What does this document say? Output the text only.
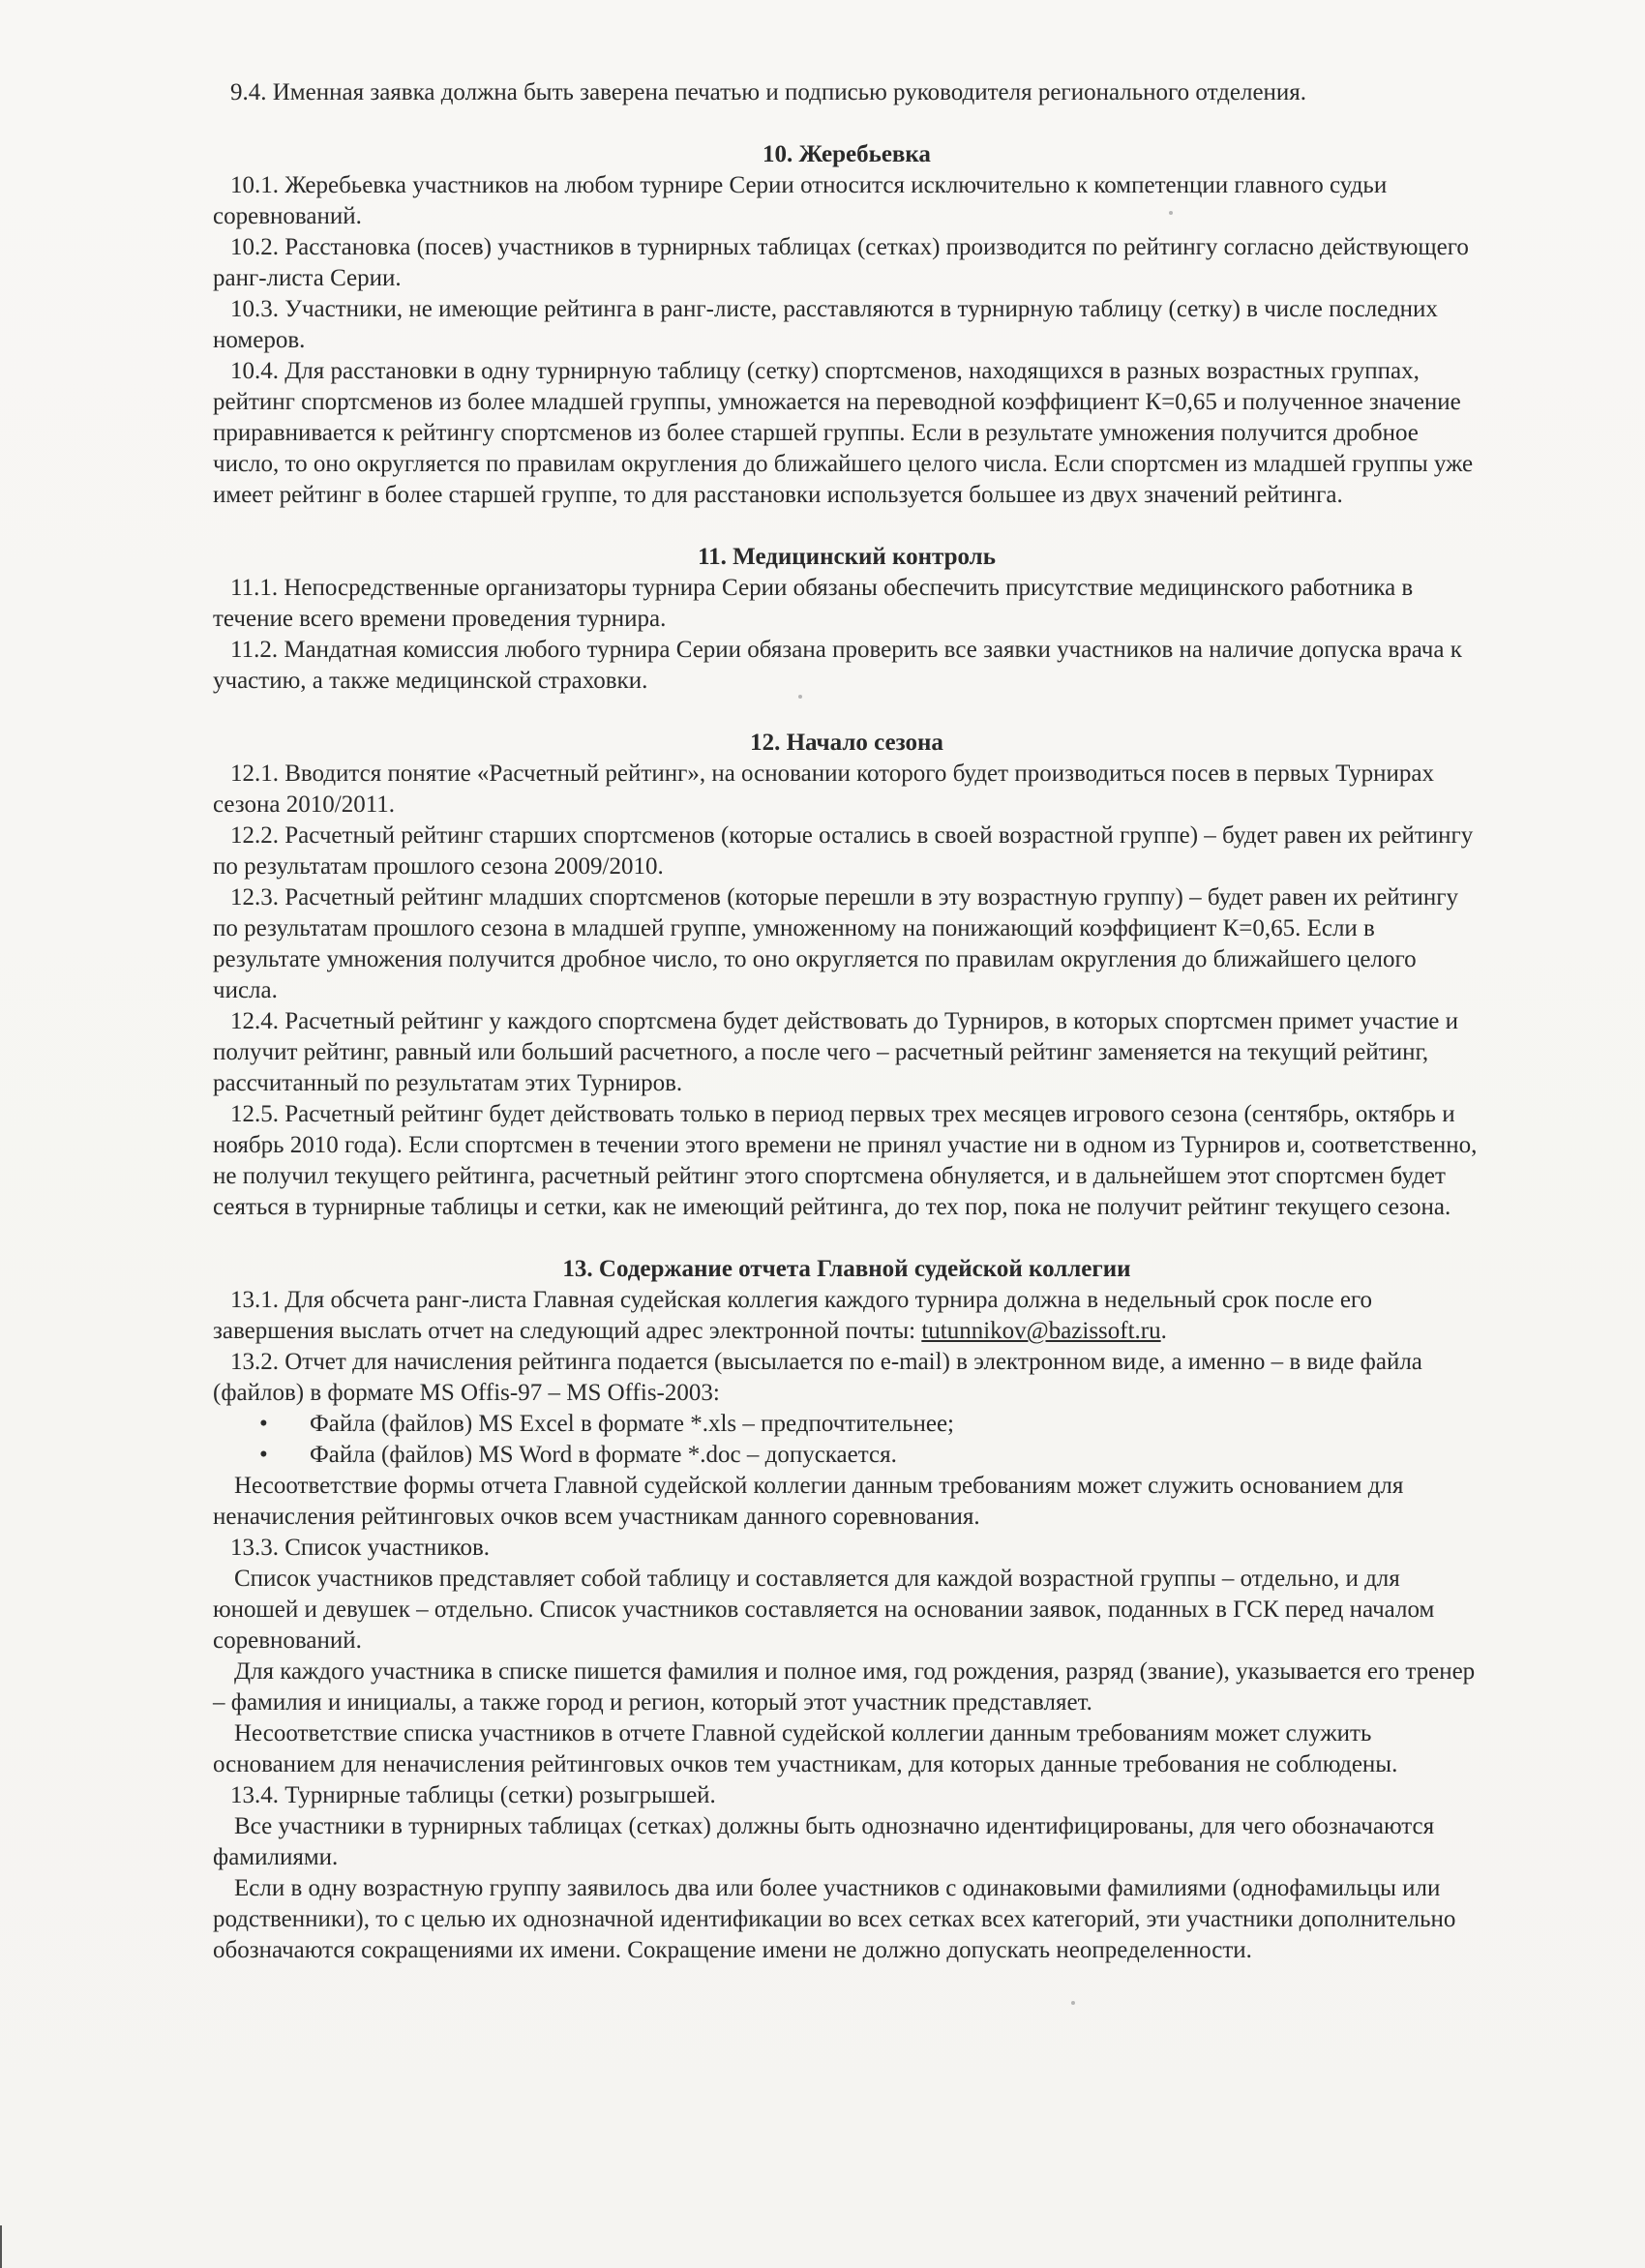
9.4. Именная заявка должна быть заверена печатью и подписью руководителя регионального отделения.

10. Жеребьевка

10.1. Жеребьевка участников на любом турнире Серии относится исключительно к компетенции главного судьи соревнований.

10.2. Расстановка (посев) участников в турнирных таблицах (сетках) производится по рейтингу согласно действующего ранг-листа Серии.

10.3. Участники, не имеющие рейтинга в ранг-листе, расставляются в турнирную таблицу (сетку) в числе последних номеров.

10.4. Для расстановки в одну турнирную таблицу (сетку) спортсменов, находящихся в разных возрастных группах, рейтинг спортсменов из более младшей группы, умножается на переводной коэффициент К=0,65 и полученное значение приравнивается к рейтингу спортсменов из более старшей группы. Если в результате умножения получится дробное число, то оно округляется по правилам округления до ближайшего целого числа. Если спортсмен из младшей группы уже имеет рейтинг в более старшей группе, то для расстановки используется большее из двух значений рейтинга.

11. Медицинский контроль

11.1. Непосредственные организаторы турнира Серии обязаны обеспечить присутствие медицинского работника в течение всего времени проведения турнира.

11.2. Мандатная комиссия любого турнира Серии обязана проверить все заявки участников на наличие допуска врача к участию, а также медицинской страховки.

12. Начало сезона

12.1. Вводится понятие «Расчетный рейтинг», на основании которого будет производиться посев в первых Турнирах сезона 2010/2011.

12.2. Расчетный рейтинг старших спортсменов (которые остались в своей возрастной группе) – будет равен их рейтингу по результатам прошлого сезона 2009/2010.

12.3. Расчетный рейтинг младших спортсменов (которые перешли в эту возрастную группу) – будет равен их рейтингу по результатам прошлого сезона в младшей группе, умноженному на понижающий коэффициент К=0,65. Если в результате умножения получится дробное число, то оно округляется по правилам округления до ближайшего целого числа.

12.4. Расчетный рейтинг у каждого спортсмена будет действовать до Турниров, в которых спортсмен примет участие и получит рейтинг, равный или больший расчетного, а после чего – расчетный рейтинг заменяется на текущий рейтинг, рассчитанный по результатам этих Турниров.

12.5. Расчетный рейтинг будет действовать только в период первых трех месяцев игрового сезона (сентябрь, октябрь и ноябрь 2010 года). Если спортсмен в течении этого времени не принял участие ни в одном из Турниров и, соответственно, не получил текущего рейтинга, расчетный рейтинг этого спортсмена обнуляется, и в дальнейшем этот спортсмен будет сеяться в турнирные таблицы и сетки, как не имеющий рейтинга, до тех пор, пока не получит рейтинг текущего сезона.

13. Содержание отчета Главной судейской коллегии

13.1. Для обсчета ранг-листа Главная судейская коллегия каждого турнира должна в недельный срок после его завершения выслать отчет на следующий адрес электронной почты: tutunnikov@bazissoft.ru.

13.2. Отчет для начисления рейтинга подается (высылается по e-mail) в электронном виде, а именно – в виде файла (файлов) в формате MS Offis-97 – MS Offis-2003:

• Файла (файлов) MS Excel в формате *.xls – предпочтительнее;
• Файла (файлов) MS Word в формате *.doc – допускается.

Несоответствие формы отчета Главной судейской коллегии данным требованиям может служить основанием для неначисления рейтинговых очков всем участникам данного соревнования.

13.3. Список участников.

Список участников представляет собой таблицу и составляется для каждой возрастной группы – отдельно, и для юношей и девушек – отдельно. Список участников составляется на основании заявок, поданных в ГСК перед началом соревнований.

Для каждого участника в списке пишется фамилия и полное имя, год рождения, разряд (звание), указывается его тренер – фамилия и инициалы, а также город и регион, который этот участник представляет.

Несоответствие списка участников в отчете Главной судейской коллегии данным требованиям может служить основанием для неначисления рейтинговых очков тем участникам, для которых данные требования не соблюдены.

13.4. Турнирные таблицы (сетки) розыгрышей.

Все участники в турнирных таблицах (сетках) должны быть однозначно идентифицированы, для чего обозначаются фамилиями.

Если в одну возрастную группу заявилось два или более участников с одинаковыми фамилиями (однофамильцы или родственники), то с целью их однозначной идентификации во всех сетках всех категорий, эти участники дополнительно обозначаются сокращениями их имени. Сокращение имени не должно допускать неопределенности.
